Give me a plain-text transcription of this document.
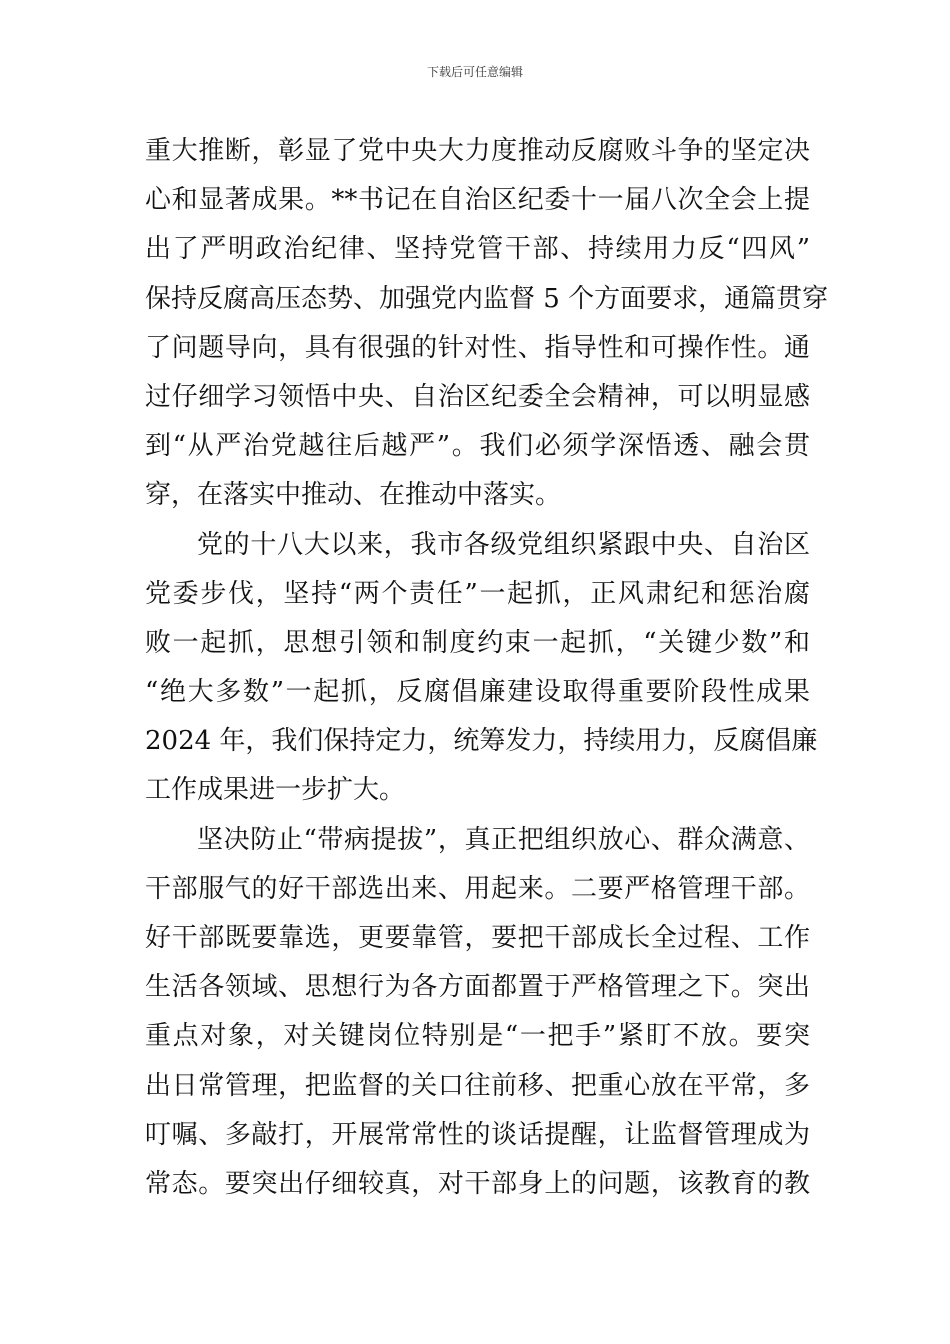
下载后可任意编辑
重大推断，彰显了党中央大力度推动反腐败斗争的坚定决
心和显著成果。**书记在自治区纪委十一届八次全会上提
出了严明政治纪律、坚持党管干部、持续用力反“四风”
保持反腐高压态势、加强党内监督 5 个方面要求，通篇贯穿
了问题导向，具有很强的针对性、指导性和可操作性。通
过仔细学习领悟中央、自治区纪委全会精神，可以明显感
到“从严治党越往后越严”。我们必须学深悟透、融会贯
穿，在落实中推动、在推动中落实。
党的十八大以来，我市各级党组织紧跟中央、自治区
党委步伐，坚持“两个责任”一起抓，正风肃纪和惩治腐
败一起抓，思想引领和制度约束一起抓，“关键少数”和
“绝大多数”一起抓，反腐倡廉建设取得重要阶段性成果
2024 年，我们保持定力，统筹发力，持续用力，反腐倡廉
工作成果进一步扩大。
坚决防止“带病提拔”，真正把组织放心、群众满意、
干部服气的好干部选出来、用起来。二要严格管理干部。
好干部既要靠选，更要靠管，要把干部成长全过程、工作
生活各领域、思想行为各方面都置于严格管理之下。突出
重点对象，对关键岗位特别是“一把手”紧盯不放。要突
出日常管理，把监督的关口往前移、把重心放在平常，多
叮嘱、多敲打，开展常常性的谈话提醒，让监督管理成为
常态。要突出仔细较真，对干部身上的问题，该教育的教
